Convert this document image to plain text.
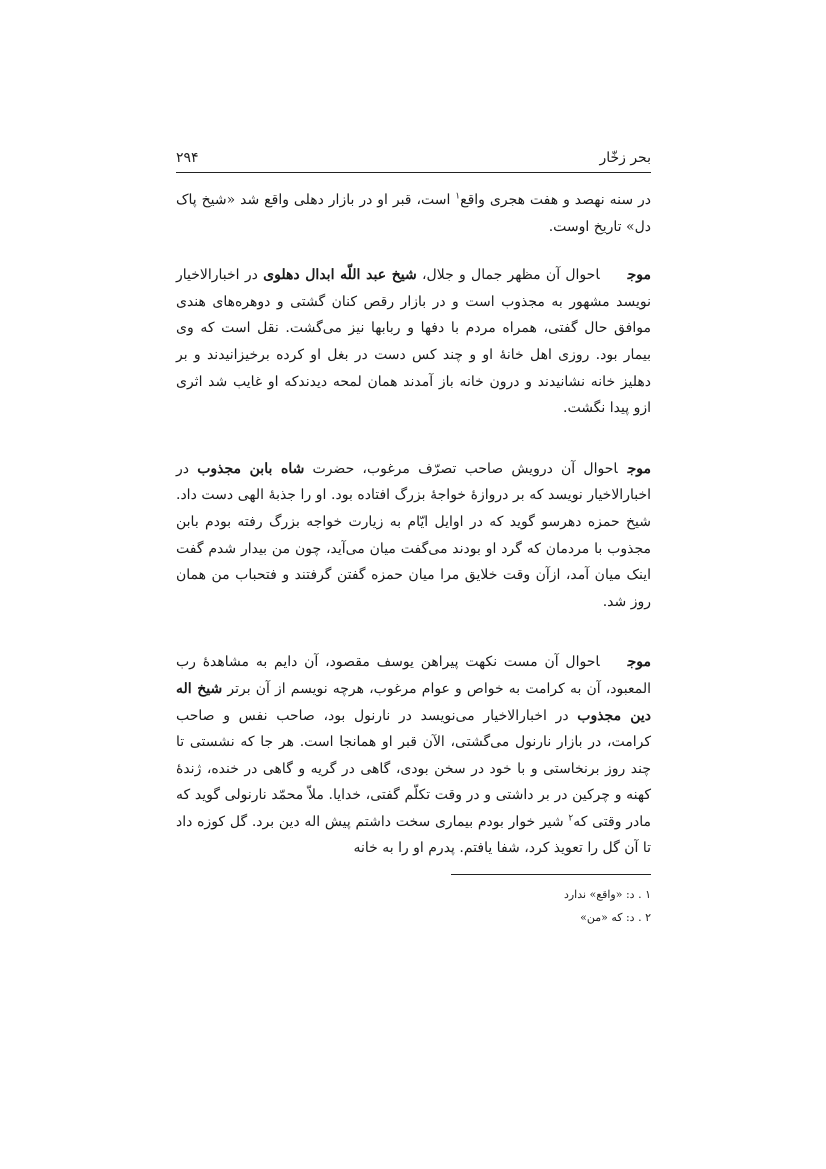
بحر زخّار
۲۹۴

در سنه نهصد و هفت هجری واقع$^۱$ است، قبر او در بازار دهلی واقع شد «شیخ پاک دل» تاریخ اوست.

موجاحوال آن مظهر جمال و جلال، شیخ عبد اللّه ابدال دهلوی در اخبارالاخیار نویسد مشهور به مجذوب است و در بازار رقص کنان گشتی و دوهره‌های هندی موافق حال گفتی، همراه مردم با دفها و ربابها نیز می‌گشت. نقل است که وی بیمار بود. روزی اهل خانهٔ او و چند کس دست در بغل او کرده برخیزانیدند و بر دهلیز خانه نشانیدند و درون خانه باز آمدند همان لمحه دیدندکه او غایب شد اثری ازو پیدا نگشت.

موجاحوال آن درویش صاحب تصرّف مرغوب، حضرت شاه بابن مجذوب در اخبارالاخیار نویسد که بر دروازهٔ خواجهٔ بزرگ افتاده بود. او را جذبهٔ الهی دست داد. شیخ حمزه دهرسو گوید که در اوایل ایّام به زیارت خواجه بزرگ رفته بودم بابن مجذوب با مردمان که گرد او بودند می‌گفت میان می‌آید، چون من بیدار شدم گفت اینک میان آمد، ازآن وقت خلایق مرا میان حمزه گفتن گرفتند و فتحباب من همان روز شد.

موجاحوال آن مست نکهت پیراهن یوسف مقصود، آن دایم به مشاهدهٔ رب المعبود، آن به کرامت به خواص و عوام مرغوب، هرچه نویسم از آن برتر شیخ اله دین مجذوب در اخبارالاخیار می‌نویسد در نارنول بود، صاحب نفس و صاحب کرامت، در بازار نارنول می‌گشتی، الآن قبر او همانجا است. هر جا که نشستی تا چند روز برنخاستی و با خود در سخن بودی، گاهی در گریه و گاهی در خنده، ژندهٔ کهنه و چرکین در بر داشتی و در وقت تکلّم گفتی، خدایا. ملاّ محمّد نارنولی گوید که مادر وقتی که$^۲$ شیر خوار بودم بیماری سخت داشتم پیش اله دین برد. گل کوزه داد تا آن گل را تعویذ کرد، شفا یافتم. پدرم او را به خانه

۱ . د: «واقع» ندارد

۲ . د: که «من»
